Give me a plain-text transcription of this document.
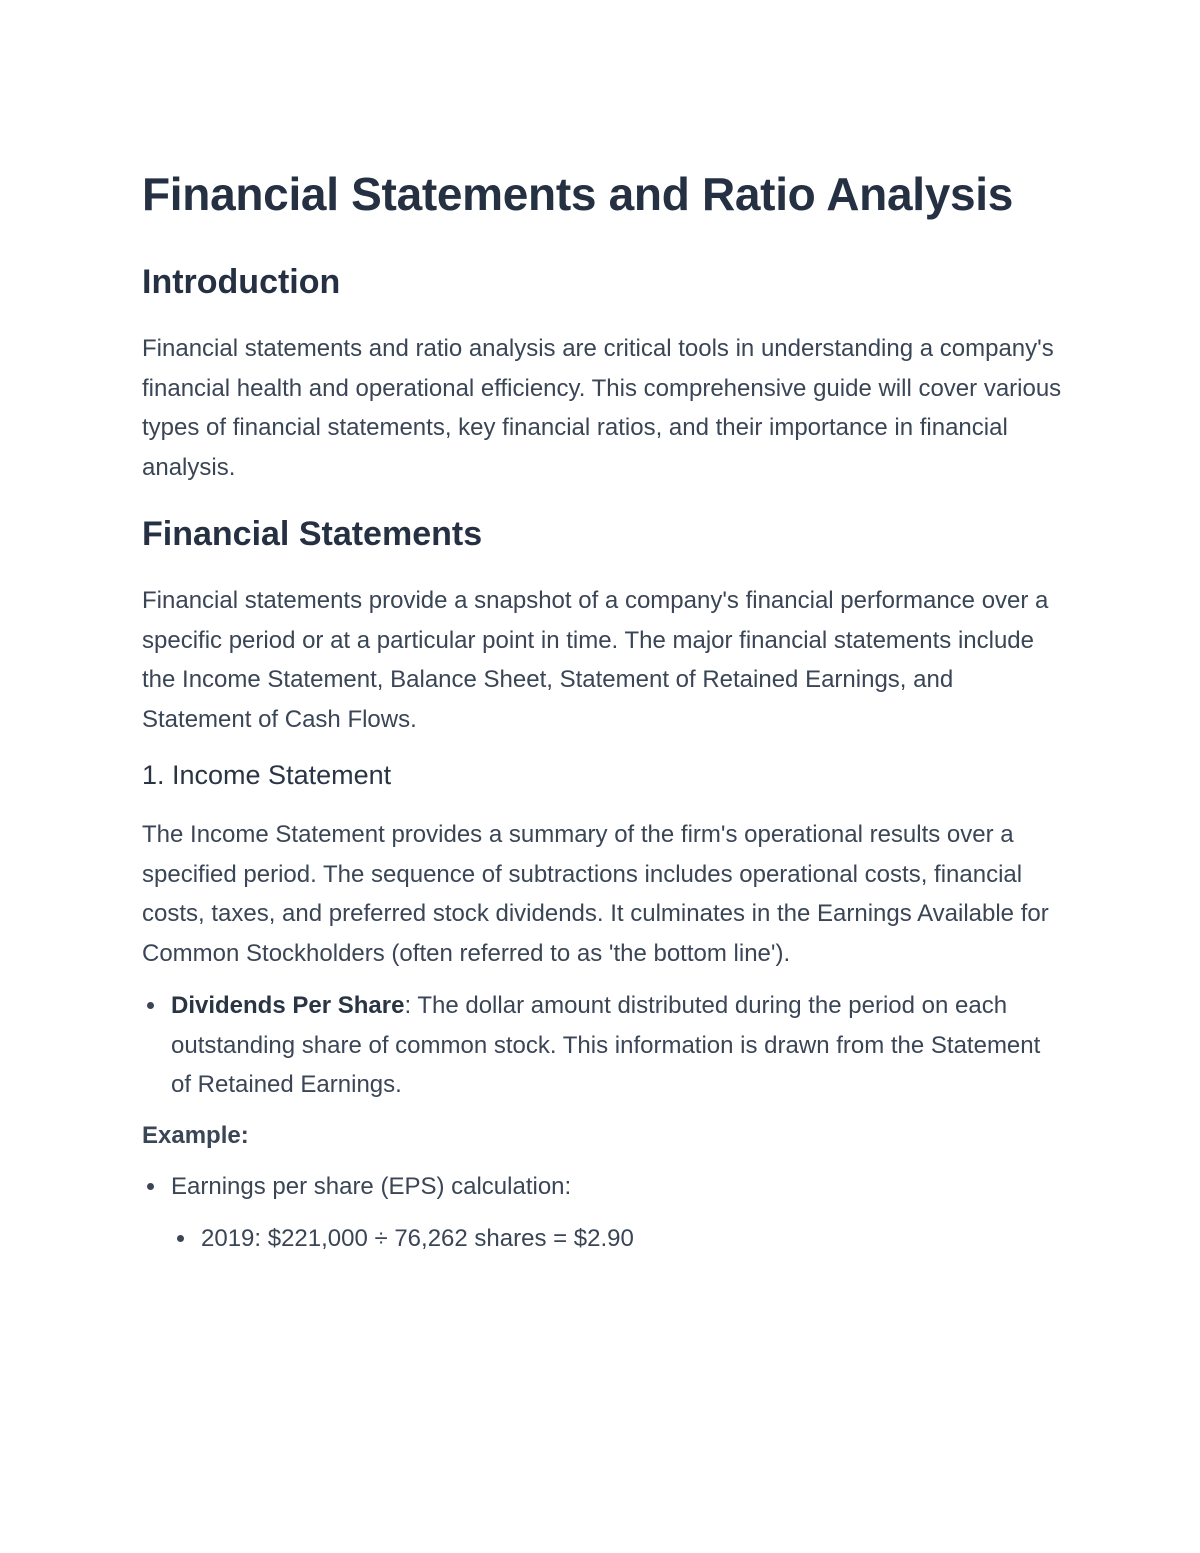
Financial Statements and Ratio Analysis
Introduction

Financial statements and ratio analysis are critical tools in understanding a company's financial health and operational efficiency. This comprehensive guide will cover various types of financial statements, key financial ratios, and their importance in financial analysis.

Financial Statements

Financial statements provide a snapshot of a company's financial performance over a specific period or at a particular point in time. The major financial statements include the Income Statement, Balance Sheet, Statement of Retained Earnings, and Statement of Cash Flows.

1. Income Statement

The Income Statement provides a summary of the firm's operational results over a specified period. The sequence of subtractions includes operational costs, financial costs, taxes, and preferred stock dividends. It culminates in the Earnings Available for Common Stockholders (often referred to as 'the bottom line').

Dividends Per Share: The dollar amount distributed during the period on each outstanding share of common stock. This information is drawn from the Statement of Retained Earnings.

Example:

Earnings per share (EPS) calculation:
2019: $221,000 ÷ 76,262 shares = $2.90
